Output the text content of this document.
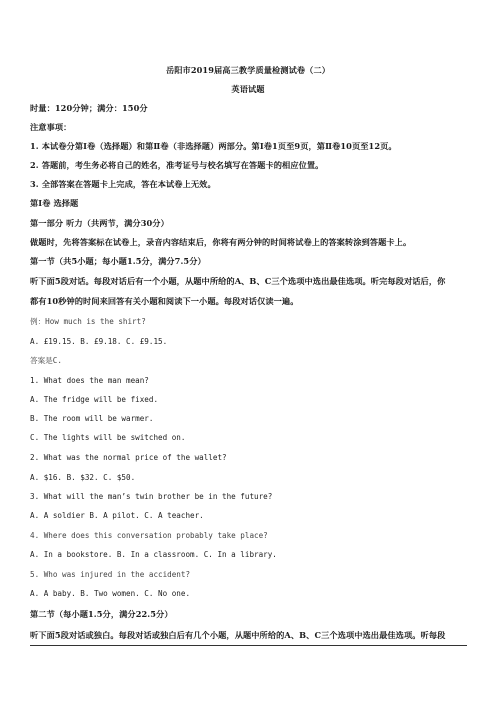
岳阳市2019届高三教学质量检测试卷（二）
英语试题
时量：120分钟；满分：150分
注意事项：
1. 本试卷分第Ⅰ卷（选择题）和第Ⅱ卷（非选择题）两部分。第Ⅰ卷1页至9页，第Ⅱ卷10页至12页。
2. 答题前，考生务必将自己的姓名，准考证号与校名填写在答题卡的相应位置。
3. 全部答案在答题卡上完成，答在本试卷上无效。
第Ⅰ卷 选择题
第一部分 听力（共两节，满分30分）
做题时，先将答案标在试卷上，录音内容结束后，你将有两分钟的时间将试卷上的答案转涂到答题卡上。
第一节（共5小题；每小题1.5分，满分7.5分）
听下面5段对话。每段对话后有一个小题，从题中所给的A、B、C三个选项中选出最佳选项。听完每段对话后，你
都有10秒钟的时间来回答有关小题和阅读下一小题。每段对话仅读一遍。
例：How much is the shirt?
A. £19.15. B. £9.18. C. £9.15.
答案是C.
1. What does the man mean?
A. The fridge will be fixed.
B. The room will be warmer.
C. The lights will be switched on.
2. What was the normal price of the wallet?
A. $16. B. $32. C. $50.
3. What will the man’s twin brother be in the future?
A. A soldier B. A pilot. C. A teacher.
4. Where does this conversation probably take place?
A. In a bookstore. B. In a classroom. C. In a library.
5. Who was injured in the accident?
A. A baby. B. Two women. C. No one.
第二节（每小题1.5分，满分22.5分）
听下面5段对话或独白。每段对话或独白后有几个小题，从题中所给的A、B、C三个选项中选出最佳选项。听每段
